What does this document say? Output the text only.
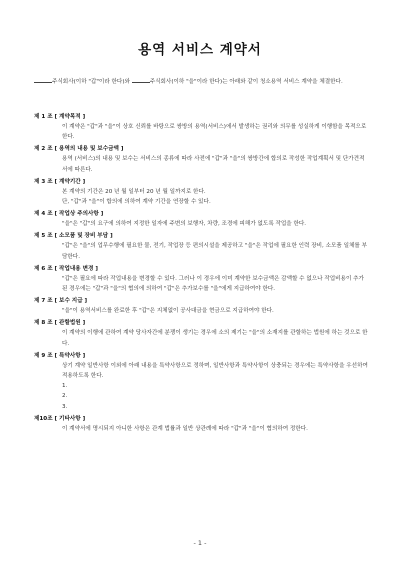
용역 서비스 계약서
주식회사(이하 "갑"이라 한다)와	주식회사(이하 "을"이라 한다)는 아래와 같이 청소용역 서비스 계약을 체결한다.
제 1 조 [ 계약목적 ]
이 계약은 "갑"과 "을"이 상호 신뢰를 바탕으로 쌍방의 용역(서비스)에서 발생하는 권리와 의무를 성실하게 이행함을 목적으로 한다.
제 2 조 [ 용역의 내용 및 보수금액 ]
용역 (서비스)의 내용 및 보수는 서비스의 종류에 따라 사전에 "갑"과 "을"의 쌍방간에 합의로 작성한 작업계획서 및 단가견적서에 따른다.
제 3 조 [ 계약기간 ]
본 계약의 기간은 20 년 월 일부터 20 년 월 일까지로 한다.
단, "갑"과 "을"이 합의에 의하여 계약 기간을 연장할 수 있다.
제 4 조 [ 작업상 주의사항 ]
"을"은 "갑"의 요구에 의하여 지정한 일자에 주변의 보행자, 차량, 조경에 피해가 없도록 작업을 한다.
제 5 조 [ 소모품 및 장비 부담 ]
"갑"은 "을"의 업무수행에 필요한 물, 전기, 작업장 등 편의시설을 제공하고 "을"은 작업에 필요한 인력 장비, 소모품 일체를 부담한다.
제 6 조 [ 작업내용 변경 ]
"갑"은 필요에 따라 작업내용을 변경할 수 있다. 그러나 이 경우에 이미 계약한 보수금액은 감액할 수 없으나 작업비용이 추가된 경우에는 "갑"과 "을"의 협의에 의하여 "갑"은 추가보수를 "을"에게 지급하여야 한다.
제 7 조 [ 보수 지급 ]
"을"이 용역서비스를 완료한 후 "갑"은 지체없이 공사대금을 현금으로 지급하여야 한다.
제 8 조 [ 관할법원 ]
이 계약의 이행에 관하여 계약 당사자간에 분쟁이 생기는 경우에 소의 제기는 "을"의 소재지를 관할하는 법원에 하는 것으로 한다.
제 9 조 [ 특약사항 ]
상기 계약 일반사항 이외에 아래 내용을 특약사항으로 정하며, 일반사항과 특약사항이 상충되는 경우에는 특약사항을 우선하여 적용하도록 한다.
1.
2.
3.
제10조 [ 기타사항 ]
이 계약서에 명시되지 아니한 사항은 관계 법률과 일반 상관례에 따라 "갑"과 "을"이 협의하여 정한다.
- 1 -
